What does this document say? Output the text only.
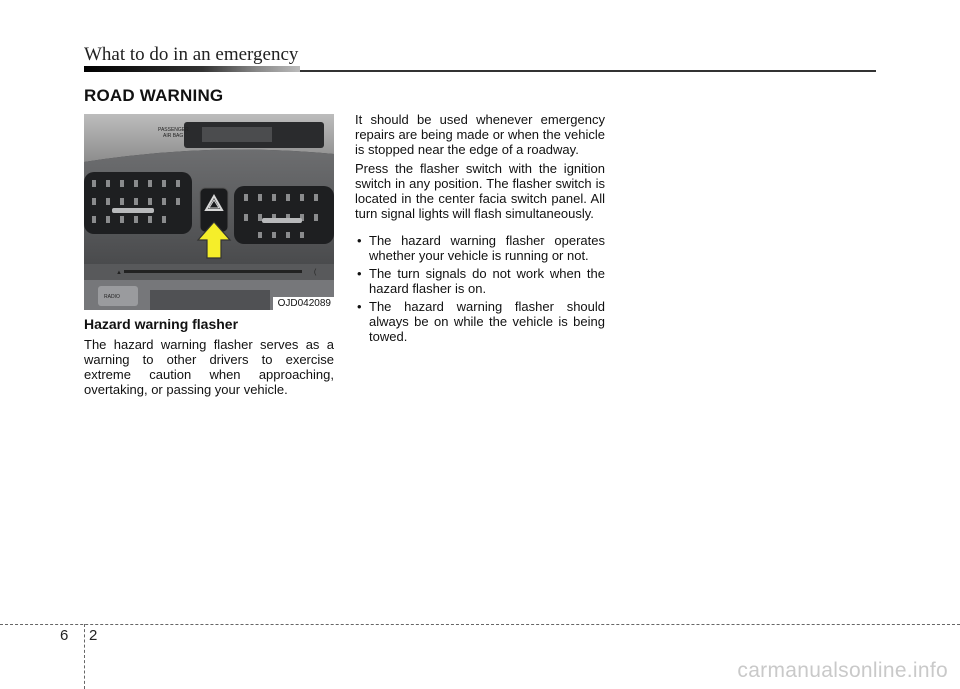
What to do in an emergency
ROAD WARNING
PASSENGER
AIR BAG
▲	(
RADIO
OJD042089
Hazard warning flasher

The hazard warning flasher serves as a warning to other drivers to exercise extreme caution when approaching, overtaking, or passing your vehicle.

It should be used whenever emergency repairs are being made or when the vehicle is stopped near the edge of a roadway.

Press the flasher switch with the ignition switch in any position. The flasher switch is located in the center facia switch panel. All turn signal lights will flash simultaneously.

• The hazard warning flasher operates whether your vehicle is running or not.
• The turn signals do not work when the hazard flasher is on.
• The hazard warning flasher should always be on while the vehicle is being towed.
6 2
carmanualsonline.info
